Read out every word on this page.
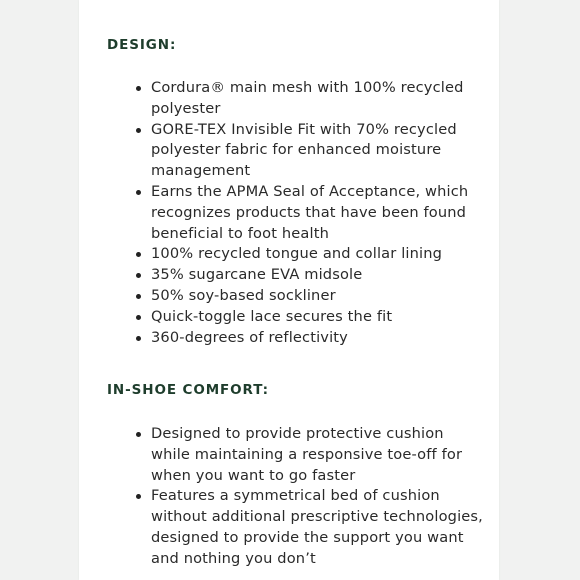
DESIGN:
Cordura® main mesh with 100% recycled polyester
GORE-TEX Invisible Fit with 70% recycled polyester fabric for enhanced moisture management
Earns the APMA Seal of Acceptance, which recognizes products that have been found beneficial to foot health
100% recycled tongue and collar lining
35% sugarcane EVA midsole
50% soy-based sockliner
Quick-toggle lace secures the fit
360-degrees of reflectivity
IN-SHOE COMFORT:
Designed to provide protective cushion while maintaining a responsive toe-off for when you want to go faster
Features a symmetrical bed of cushion without additional prescriptive technologies, designed to provide the support you want and nothing you don’t
